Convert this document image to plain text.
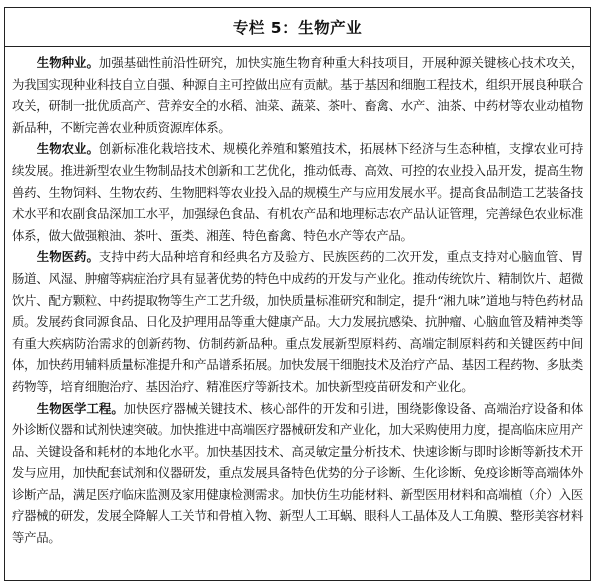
专栏 5：生物产业

生物种业。加强基础性前沿性研究，加快实施生物育种重大科技项目，开展种源关键核心技术攻关，为我国实现种业科技自立自强、种源自主可控做出应有贡献。基于基因和细胞工程技术，组织开展良种联合攻关，研制一批优质高产、营养安全的水稻、油菜、蔬菜、茶叶、畜禽、水产、油茶、中药材等农业动植物新品种，不断完善农业种质资源库体系。

生物农业。创新标准化栽培技术、规模化养殖和繁殖技术，拓展林下经济与生态种植，支撑农业可持续发展。推进新型农业生物制品技术创新和工艺优化，推动低毒、高效、可控的农业投入品开发，提高生物兽药、生物饲料、生物农药、生物肥料等农业投入品的规模生产与应用发展水平。提高食品制造工艺装备技术水平和农副食品深加工水平，加强绿色食品、有机农产品和地理标志农产品认证管理，完善绿色农业标准体系，做大做强粮油、茶叶、蛋类、湘莲、特色畜禽、特色水产等农产品。

生物医药。支持中药大品种培育和经典名方及验方、民族医药的二次开发，重点支持对心脑血管、胃肠道、风湿、肿瘤等病症治疗具有显著优势的特色中成药的开发与产业化。推动传统饮片、精制饮片、超微饮片、配方颗粒、中药提取物等生产工艺升级，加快质量标准研究和制定，提升“湘九味”道地与特色药材品质。发展药食同源食品、日化及护理用品等重大健康产品。大力发展抗感染、抗肿瘤、心脑血管及精神类等有重大疾病防治需求的创新药物、仿制药新品种。重点发展新型原料药、高端定制原料药和关键医药中间体，加快药用辅料质量标准提升和产品谱系拓展。加快发展干细胞技术及治疗产品、基因工程药物、多肽类药物等，培育细胞治疗、基因治疗、精准医疗等新技术。加快新型疫苗研发和产业化。

生物医学工程。加快医疗器械关键技术、核心部件的开发和引进，围绕影像设备、高端治疗设备和体外诊断仪器和试剂快速突破。加快推进中高端医疗器械研发和产业化，加大采购使用力度，提高临床应用产品、关键设备和耗材的本地化水平。加快基因技术、高灵敏定量分析技术、快速诊断与即时诊断等新技术开发与应用，加快配套试剂和仪器研发，重点发展具备特色优势的分子诊断、生化诊断、免疫诊断等高端体外诊断产品，满足医疗临床监测及家用健康检测需求。加快仿生功能材料、新型医用材料和高端植（介）入医疗器械的研发，发展全降解人工关节和骨植入物、新型人工耳蜗、眼科人工晶体及人工角膜、整形美容材料等产品。
